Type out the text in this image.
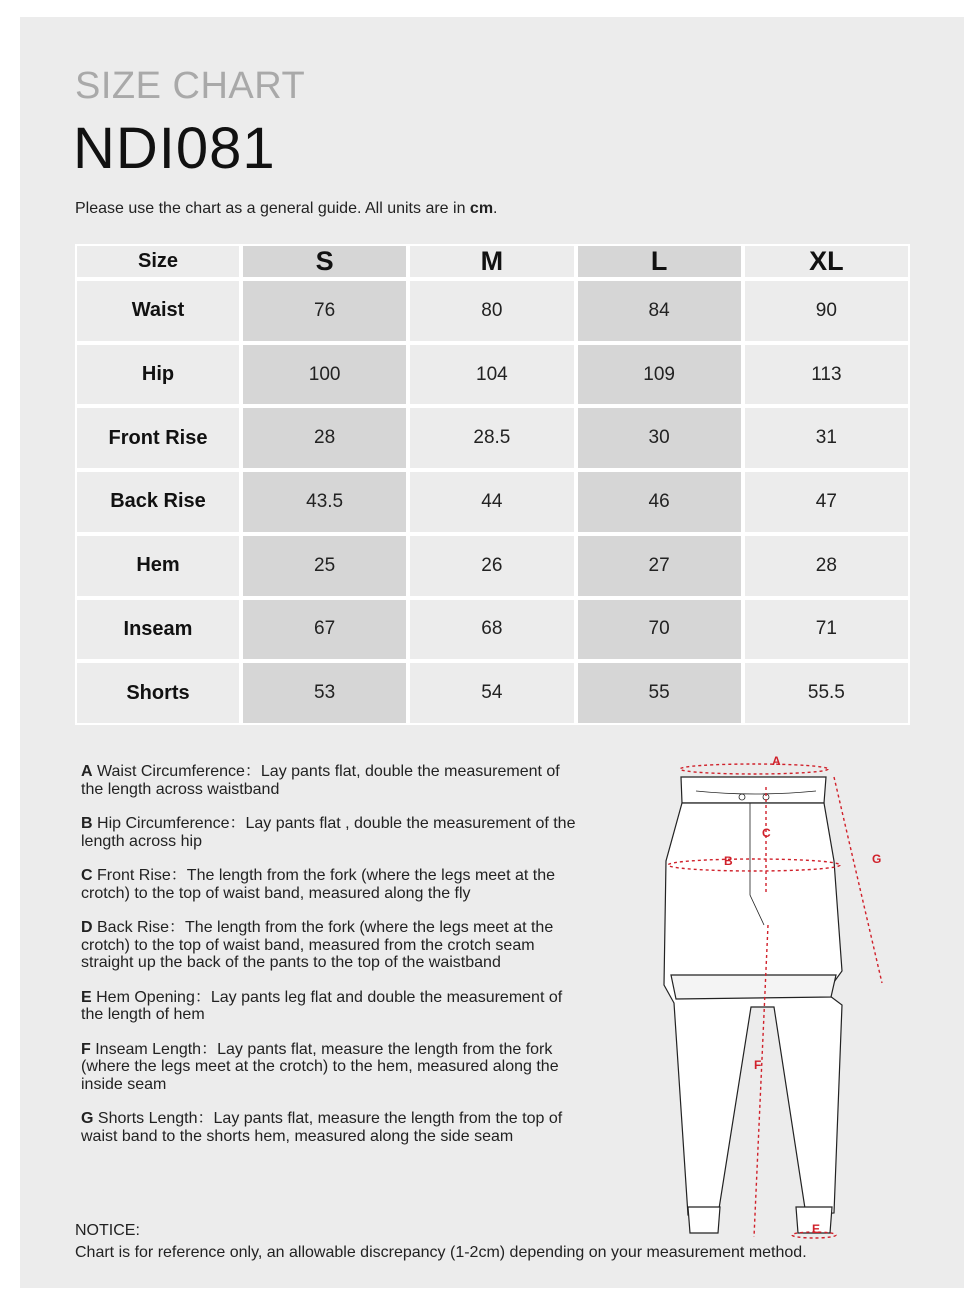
SIZE CHART
NDI081
Please use the chart as a general guide. All units are in cm.
Size	S	M	L	XL
Waist	76	80	84	90
Hip	100	104	109	113
Front Rise	28	28.5	30	31
Back Rise	43.5	44	46	47
Hem	25	26	27	28
Inseam	67	68	70	71
Shorts	53	54	55	55.5
A Waist Circumference：Lay pants flat, double the measurement of the length across waistband
B Hip Circumference：Lay pants flat , double the measurement of the length across hip
C Front Rise：The length from the fork (where the legs meet at the crotch) to the top of waist band, measured along the fly
D Back Rise：The length from the fork (where the legs meet at the crotch) to the top of waist band, measured from the crotch seam straight up the back of the pants to the top of the waistband
E Hem Opening：Lay pants leg flat and double the measurement of the length of hem
F Inseam Length：Lay pants flat, measure the length from the fork (where the legs meet at the crotch) to the hem, measured along the inside seam
G Shorts Length：Lay pants flat, measure the length from the top of waist band to the shorts hem, measured along the side seam
A
B
C
E
F
G
NOTICE:
Chart is for reference only, an allowable discrepancy (1-2cm) depending on your measurement method.
